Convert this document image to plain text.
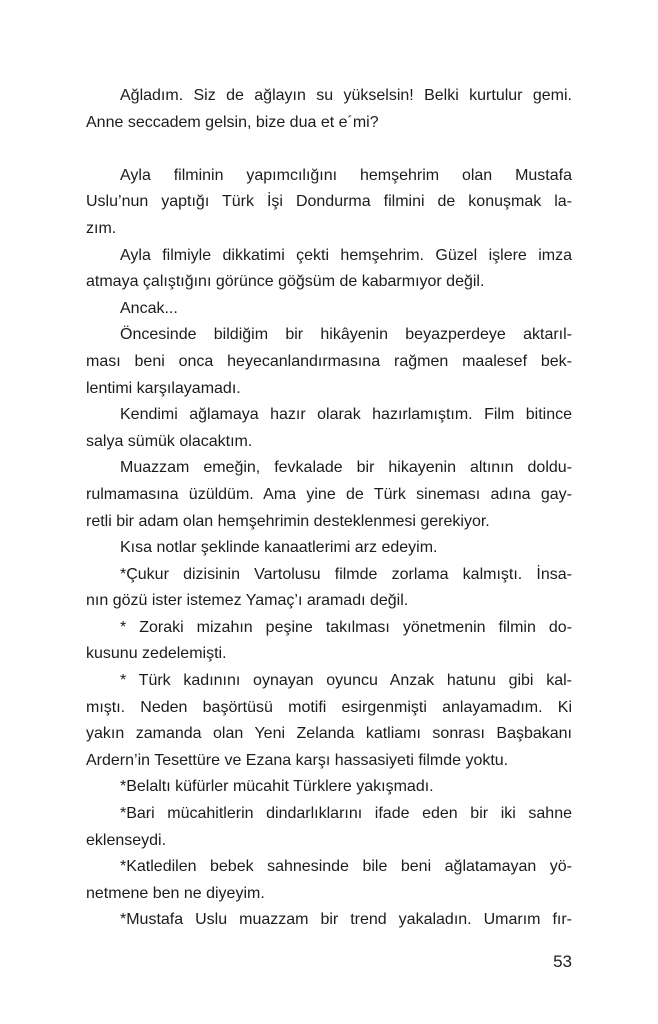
Ağladım. Siz de ağlayın su yükselsin! Belki kurtulur gemi.
Anne seccadem gelsin, bize dua et e´mi?
Ayla filminin yapımcılığını hemşehrim olan Mustafa
Uslu’nun yaptığı Türk İşi Dondurma filmini de konuşmak la-
zım.
Ayla filmiyle dikkatimi çekti hemşehrim. Güzel işlere imza
atmaya çalıştığını görünce göğsüm de kabarmıyor değil.
Ancak...
Öncesinde bildiğim bir hikâyenin beyazperdeye aktarıl-
ması beni onca heyecanlandırmasına rağmen maalesef bek-
lentimi karşılayamadı.
Kendimi ağlamaya hazır olarak hazırlamıştım. Film bitince
salya sümük olacaktım.
Muazzam emeğin, fevkalade bir hikayenin altının doldu-
rulmamasına üzüldüm. Ama yine de Türk sineması adına gay-
retli bir adam olan hemşehrimin desteklenmesi gerekiyor.
Kısa notlar şeklinde kanaatlerimi arz edeyim.
*Çukur dizisinin Vartolusu filmde zorlama kalmıştı. İnsa-
nın gözü ister istemez Yamaç’ı aramadı değil.
* Zoraki mizahın peşine takılması yönetmenin filmin do-
kusunu zedelemişti.
* Türk kadınını oynayan oyuncu Anzak hatunu gibi kal-
mıştı. Neden başörtüsü motifi esirgenmişti anlayamadım. Ki
yakın zamanda olan Yeni Zelanda katliamı sonrası Başbakanı
Ardern’in Tesettüre ve Ezana karşı hassasiyeti filmde yoktu.
*Belaltı küfürler mücahit Türklere yakışmadı.
*Bari mücahitlerin dindarlıklarını ifade eden bir iki sahne
eklenseydi.
*Katledilen bebek sahnesinde bile beni ağlatamayan yö-
netmene ben ne diyeyim.
*Mustafa Uslu muazzam bir trend yakaladın. Umarım fır-
53
